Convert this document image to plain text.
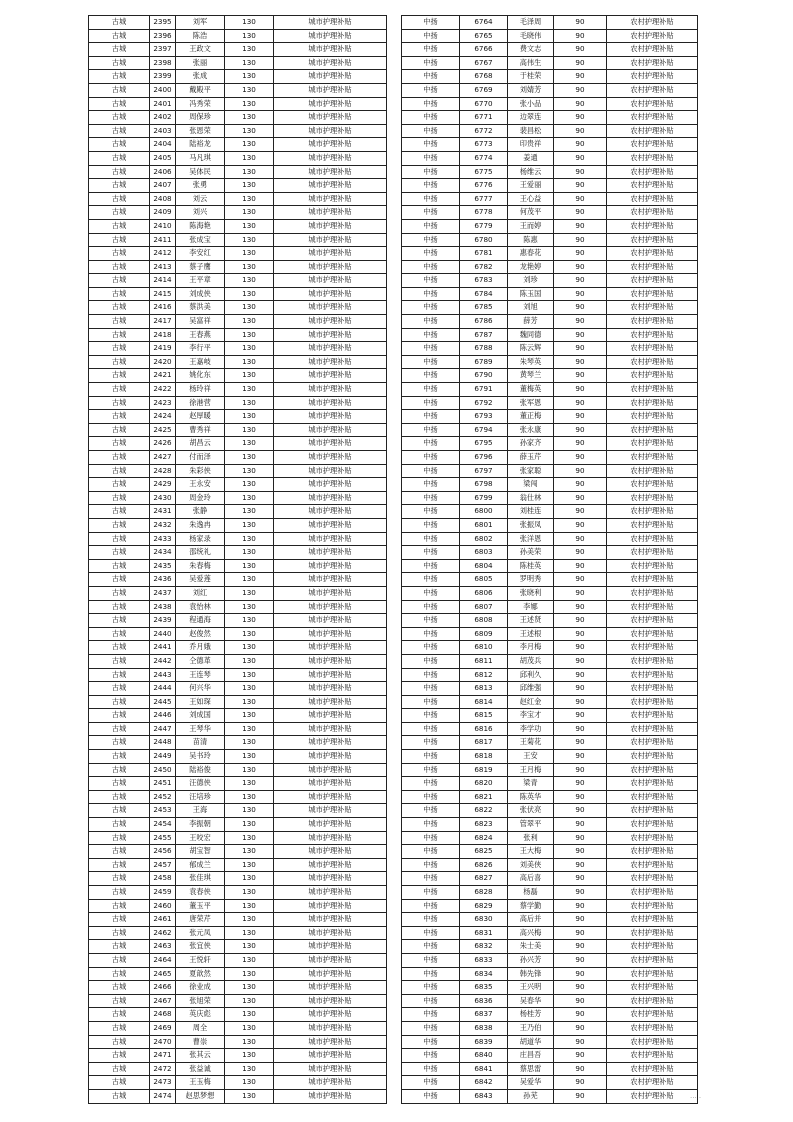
古城	2395	刘军	130	城市护理补贴
古城	2396	陈浩	130	城市护理补贴
古城	2397	王政文	130	城市护理补贴
古城	2398	张丽	130	城市护理补贴
古城	2399	张成	130	城市护理补贴
古城	2400	戴殿平	130	城市护理补贴
古城	2401	冯秀荣	130	城市护理补贴
古城	2402	周保珍	130	城市护理补贴
古城	2403	张恩荣	130	城市护理补贴
古城	2404	陆裕龙	130	城市护理补贴
古城	2405	马凡琪	130	城市护理补贴
古城	2406	吴体民	130	城市护理补贴
古城	2407	张勇	130	城市护理补贴
古城	2408	刘云	130	城市护理补贴
古城	2409	刘兴	130	城市护理补贴
古城	2410	陈海艳	130	城市护理补贴
古城	2411	张成宝	130	城市护理补贴
古城	2412	李安红	130	城市护理补贴
古城	2413	蔡子鹰	130	城市护理补贴
古城	2414	王平章	130	城市护理补贴
古城	2415	刘成侠	130	城市护理补贴
古城	2416	蔡洪美	130	城市护理补贴
古城	2417	吴富祥	130	城市护理补贴
古城	2418	王春燕	130	城市护理补贴
古城	2419	李行平	130	城市护理补贴
古城	2420	王嘉岐	130	城市护理补贴
古城	2421	姚化东	130	城市护理补贴
古城	2422	杨玲祥	130	城市护理补贴
古城	2423	徐港营	130	城市护理补贴
古城	2424	赵厚暖	130	城市护理补贴
古城	2425	曹秀祥	130	城市护理补贴
古城	2426	胡昌云	130	城市护理补贴
古城	2427	付而泽	130	城市护理补贴
古城	2428	朱彩侠	130	城市护理补贴
古城	2429	王永安	130	城市护理补贴
古城	2430	周金玲	130	城市护理补贴
古城	2431	张静	130	城市护理补贴
古城	2432	朱逸冉	130	城市护理补贴
古城	2433	杨家录	130	城市护理补贴
古城	2434	邵统礼	130	城市护理补贴
古城	2435	朱春梅	130	城市护理补贴
古城	2436	吴爱莲	130	城市护理补贴
古城	2437	刘红	130	城市护理补贴
古城	2438	袁怡林	130	城市护理补贴
古城	2439	程通海	130	城市护理补贴
古城	2440	赵俊然	130	城市护理补贴
古城	2441	乔月娥	130	城市护理补贴
古城	2442	仝德革	130	城市护理补贴
古城	2443	王连琴	130	城市护理补贴
古城	2444	何兴华	130	城市护理补贴
古城	2445	王如琛	130	城市护理补贴
古城	2446	刘成国	130	城市护理补贴
古城	2447	王琴华	130	城市护理补贴
古城	2448	苗清	130	城市护理补贴
古城	2449	吴书玲	130	城市护理补贴
古城	2450	陆裕俊	130	城市护理补贴
古城	2451	汪德侠	130	城市护理补贴
古城	2452	汪培珍	130	城市护理补贴
古城	2453	王海	130	城市护理补贴
古城	2454	李振朝	130	城市护理补贴
古城	2455	王咬宏	130	城市护理补贴
古城	2456	胡宝智	130	城市护理补贴
古城	2457	郁成兰	130	城市护理补贴
古城	2458	张佳琪	130	城市护理补贴
古城	2459	袁春侠	130	城市护理补贴
古城	2460	董玉平	130	城市护理补贴
古城	2461	唐荣芹	130	城市护理补贴
古城	2462	张元凤	130	城市护理补贴
古城	2463	张宜侠	130	城市护理补贴
古城	2464	王悦轩	130	城市护理补贴
古城	2465	夏歆然	130	城市护理补贴
古城	2466	徐业成	130	城市护理补贴
古城	2467	张旭荣	130	城市护理补贴
古城	2468	英庆彪	130	城市护理补贴
古城	2469	周全	130	城市护理补贴
古城	2470	曹崇	130	城市护理补贴
古城	2471	张其云	130	城市护理补贴
古城	2472	张益诚	130	城市护理补贴
古城	2473	王玉梅	130	城市护理补贴
古城	2474	赵思梦想	130	城市护理补贴
中扬	6764	毛泽周	90	农村护理补贴
中扬	6765	毛晓伟	90	农村护理补贴
中扬	6766	费文志	90	农村护理补贴
中扬	6767	高伟生	90	农村护理补贴
中扬	6768	于桂荣	90	农村护理补贴
中扬	6769	刘婧芳	90	农村护理补贴
中扬	6770	张小品	90	农村护理补贴
中扬	6771	边翠连	90	农村护理补贴
中扬	6772	裴昌松	90	农村护理补贴
中扬	6773	印贵祥	90	农村护理补贴
中扬	6774	姜通	90	农村护理补贴
中扬	6775	杨维云	90	农村护理补贴
中扬	6776	王爱丽	90	农村护理补贴
中扬	6777	王心益	90	农村护理补贴
中扬	6778	何茂平	90	农村护理补贴
中扬	6779	王而婷	90	农村护理补贴
中扬	6780	陈惠	90	农村护理补贴
中扬	6781	惠春花	90	农村护理补贴
中扬	6782	龙艳婷	90	农村护理补贴
中扬	6783	刘珍	90	农村护理补贴
中扬	6784	陈玉国	90	农村护理补贴
中扬	6785	刘旭	90	农村护理补贴
中扬	6786	薛芳	90	农村护理补贴
中扬	6787	魏同德	90	农村护理补贴
中扬	6788	陈云辉	90	农村护理补贴
中扬	6789	朱琴英	90	农村护理补贴
中扬	6790	黄琴兰	90	农村护理补贴
中扬	6791	董梅英	90	农村护理补贴
中扬	6792	张军恩	90	农村护理补贴
中扬	6793	董正梅	90	农村护理补贴
中扬	6794	张永康	90	农村护理补贴
中扬	6795	孙家齐	90	农村护理补贴
中扬	6796	薛玉芹	90	农村护理补贴
中扬	6797	张家聪	90	农村护理补贴
中扬	6798	梁闯	90	农村护理补贴
中扬	6799	翁仕林	90	农村护理补贴
中扬	6800	刘桂连	90	农村护理补贴
中扬	6801	张振凤	90	农村护理补贴
中扬	6802	张洋恩	90	农村护理补贴
中扬	6803	孙美荣	90	农村护理补贴
中扬	6804	陈桂英	90	农村护理补贴
中扬	6805	罗明秀	90	农村护理补贴
中扬	6806	张晓利	90	农村护理补贴
中扬	6807	李娜	90	农村护理补贴
中扬	6808	王述贤	90	农村护理补贴
中扬	6809	王述根	90	农村护理补贴
中扬	6810	李月梅	90	农村护理补贴
中扬	6811	胡茂兵	90	农村护理补贴
中扬	6812	邱利久	90	农村护理补贴
中扬	6813	邱维强	90	农村护理补贴
中扬	6814	赵红金	90	农村护理补贴
中扬	6815	李宝才	90	农村护理补贴
中扬	6816	李学功	90	农村护理补贴
中扬	6817	王菊花	90	农村护理补贴
中扬	6818	王安	90	农村护理补贴
中扬	6819	王月梅	90	农村护理补贴
中扬	6820	梁青	90	农村护理补贴
中扬	6821	陈英华	90	农村护理补贴
中扬	6822	张伏亮	90	农村护理补贴
中扬	6823	管翠平	90	农村护理补贴
中扬	6824	张利	90	农村护理补贴
中扬	6825	王大梅	90	农村护理补贴
中扬	6826	刘美侠	90	农村护理补贴
中扬	6827	高后喜	90	农村护理补贴
中扬	6828	杨磊	90	农村护理补贴
中扬	6829	蔡学勤	90	农村护理补贴
中扬	6830	高后并	90	农村护理补贴
中扬	6831	高兴梅	90	农村护理补贴
中扬	6832	朱士美	90	农村护理补贴
中扬	6833	孙兴芳	90	农村护理补贴
中扬	6834	韩先锋	90	农村护理补贴
中扬	6835	王兴明	90	农村护理补贴
中扬	6836	吴春华	90	农村护理补贴
中扬	6837	杨桂芳	90	农村护理补贴
中扬	6838	王乃伯	90	农村护理补贴
中扬	6839	胡道华	90	农村护理补贴
中扬	6840	庄昌吾	90	农村护理补贴
中扬	6841	蔡思雷	90	农村护理补贴
中扬	6842	吴爱华	90	农村护理补贴
中扬	6843	孙芜	90	农村护理补贴 ··· ·
